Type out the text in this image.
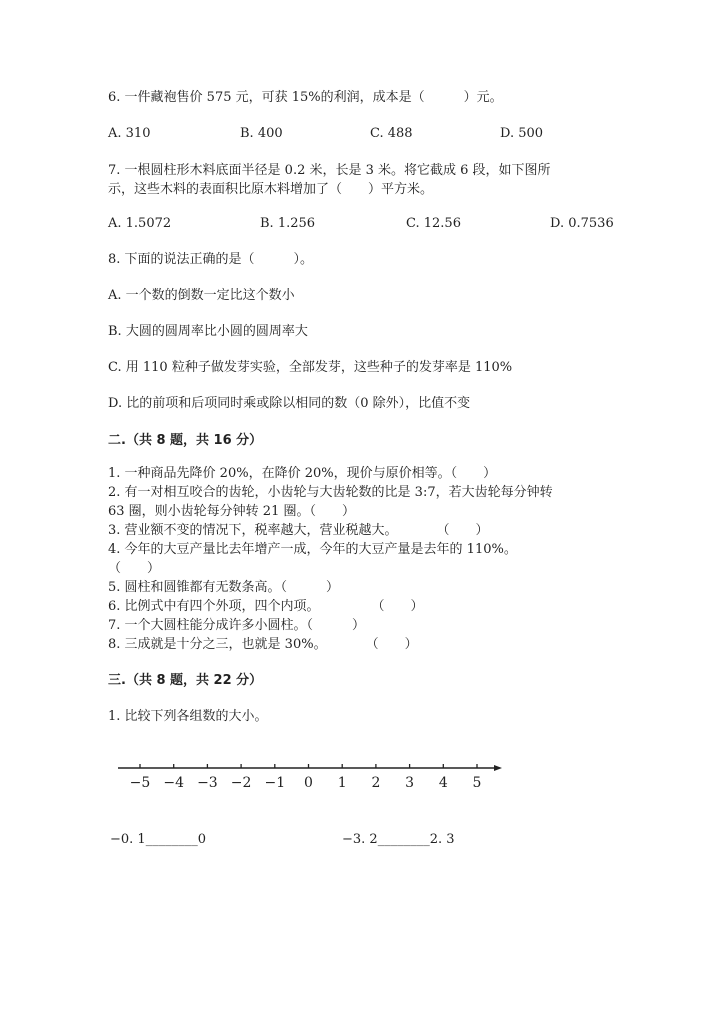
6. 一件藏袍售价 575 元，可获 15%的利润，成本是（　　　）元。
A. 310	B. 400	C. 488	D. 500
7. 一根圆柱形木料底面半径是 0.2 米，长是 3 米。将它截成 6 段，如下图所
示，这些木料的表面积比原木料增加了（　　）平方米。
A. 1.5072	B. 1.256	C. 12.56	D. 0.7536
8. 下面的说法正确的是（　　　）。
A. 一个数的倒数一定比这个数小
B. 大圆的圆周率比小圆的圆周率大
C. 用 110 粒种子做发芽实验，全部发芽，这些种子的发芽率是 110%
D. 比的前项和后项同时乘或除以相同的数（0 除外），比值不变
二.（共 8 题，共 16 分）
1. 一种商品先降价 20%，在降价 20%，现价与原价相等。（　　）
2. 有一对相互咬合的齿轮，小齿轮与大齿轮数的比是 3:7，若大齿轮每分钟转
63 圈，则小齿轮每分钟转 21 圈。（　　）
3. 营业额不变的情况下，税率越大，营业税越大。　　　　（　　）
4. 今年的大豆产量比去年增产一成，今年的大豆产量是去年的 110%。
（　　）
5. 圆柱和圆锥都有无数条高。（　　　）
6. 比例式中有四个外项，四个内项。　　　　　（　　）
7. 一个大圆柱能分成许多小圆柱。（　　　）
8. 三成就是十分之三，也就是 30%。　　　　（　　）
三.（共 8 题，共 22 分）
1. 比较下列各组数的大小。
−5 −4 −3 −2 −1 0 1 2 3 4 5
−0. 1________0	−3. 2________2. 3
